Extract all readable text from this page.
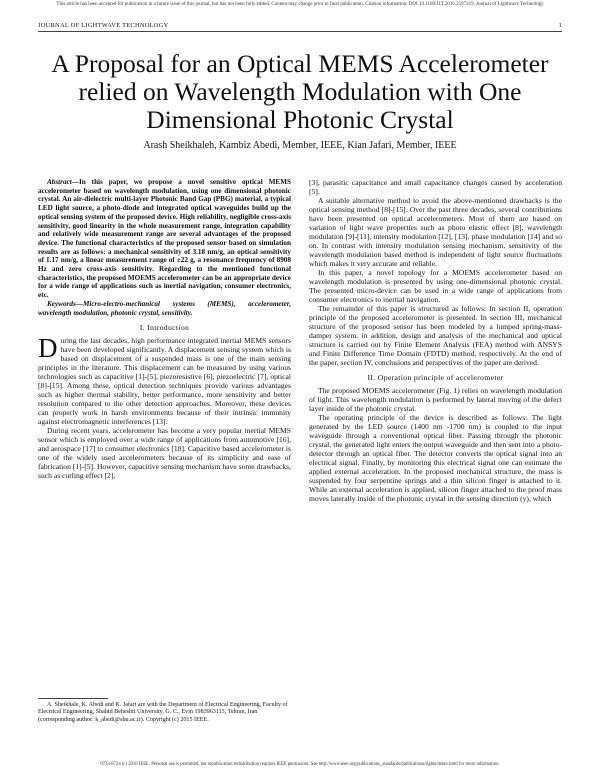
This article has been accepted for publication in a future issue of this journal, but has not been fully edited. Content may change prior to final publication. Citation information: DOI 10.1109/JLT.2016.2597319, Journal of Lightwave Technology
JOURNAL OF LIGHTWAVE TECHNOLOGY	1
A Proposal for an Optical MEMS Accelerometer relied on Wavelength Modulation with One Dimensional Photonic Crystal
Arash Sheikhaleh, Kambiz Abedi, Member, IEEE, Kian Jafari, Member, IEEE

Abstract—In this paper, we propose a novel sensitive optical MEMS accelerometer based on wavelength modulation, using one dimensional photonic crystal. An air-dielectric multi-layer Photonic Band Gap (PBG) material, a typical LED light source, a photo-diode and integrated optical waveguides build up the optical sensing system of the proposed device. High reliability, negligible cross-axis sensitivity, good linearity in the whole measurement range, integration capability and relatively wide measurement range are several advantages of the proposed device. The functional characteristics of the proposed sensor based on simulation results are as follows: a mechanical sensitivity of 3.18 nm/g, an optical sensitivity of 1.17 nm/g, a linear measurement range of ±22 g, a resonance frequency of 8908 Hz and zero cross-axis sensitivity. Regarding to the mentioned functional characteristics, the proposed MOEMS accelerometer can be an appropriate device for a wide range of applications such as inertial navigation, consumer electronics, etc.

Keywords—Micro-electro-mechanical systems (MEMS), accelerometer, wavelength modulation, photonic crystal, sensitivity.

I. Introduction

During the last decades, high performance integrated inertial MEMS sensors have been developed significantly. A displacement sensing system which is based on displacement of a suspended mass is one of the main sensing principles in the literature. This displacement can be measured by using various technologies such as capacitive [1]-[5], piezoresistive [6], piezoelectric [7], optical [8]-[15]. Among these, optical detection techniques provide various advantages such as higher thermal stability, better performance, more sensitivity and better resolution compared to the other detection approaches. Moreover, these devices can properly work in harsh environments because of their intrinsic immunity against electromagnetic interferences [13].

During recent years, accelerometer has become a very popular inertial MEMS sensor which is employed over a wide range of applications from automotive [16], and aerospace [17] to consumer electronics [18]. Capacitive based accelerometer is one of the widely used accelerometers because of its simplicity and ease of fabrication [1]-[5]. However, capacitive sensing mechanism have some drawbacks, such as curling effect [2],

[3], parasitic capacitance and small capacitance changes caused by acceleration [5].

A suitable alternative method to avoid the above-mentioned drawbacks is the optical sensing method [8]-[15]. Over the past three decades, several contributions have been presented on optical accelerometers. Most of them are based on variation of light wave properties such as photo elastic effect [8], wavelength modulation [9]-[11], intensity modulation [12], [13], phase modulation [14] and so on. In contrast with intensity modulation sensing mechanism, sensitivity of the wavelength modulation based method is independent of light source fluctuations which makes it very accurate and reliable.

In this paper, a novel topology for a MOEMS accelerometer based on wavelength modulation is presented by using one-dimensional photonic crystal. The presented micro-device can be used in a wide range of applications from consumer electronics to inertial navigation.

The remainder of this paper is structured as follows: In section II, operation principle of the proposed accelerometer is presented. In section III, mechanical structure of the proposed sensor has been modeled by a lumped spring-mass-damper system. in addition, design and analysis of the mechanical and optical structure is carried out by Finite Element Analysis (FEA) method with ANSYS and Finite Difference Time Domain (FDTD) method, respectively. At the end of the paper, section IV, conclusions and perspectives of the paper are derived.

II. Operation principle of accelerometer

The proposed MOEMS accelerometer (Fig. 1) relies on wavelength modulation of light. This wavelength modulation is performed by lateral moving of the defect layer inside of the photonic crystal.

The operating principle of the device is described as follows: The light generated by the LED source (1400 nm -1700 nm) is coupled to the input waveguide through a conventional optical fiber. Passing through the photonic crystal, the generated light enters the output waveguide and then sent into a photo-detector through an optical fiber. The detector converts the optical signal into an electrical signal. Finally, by monitoring this electrical signal one can estimate the applied external acceleration. In the proposed mechanical structure, the mass is suspended by four serpentine springs and a thin silicon finger is attached to it. While an external acceleration is applied, silicon finger attached to the proof mass moves laterally inside of the photonic crystal in the sensing direction (y), which

A. Sheikhale, K. Abedi and K. Jafari are with the Department of Electrical Engineering, Faculty of Electrical Engineering, Shahid Beheshti University, G. C., Evin 1983963113, Tehran, Iran (corresponding author: k_abedi@sbu.ac.ir). Copyright (c) 2015 IEEE.
0733-8724 (c) 2016 IEEE. Personal use is permitted, but republication/redistribution requires IEEE permission. See http://www.ieee.org/publications_standards/publications/rights/index.html for more information.
